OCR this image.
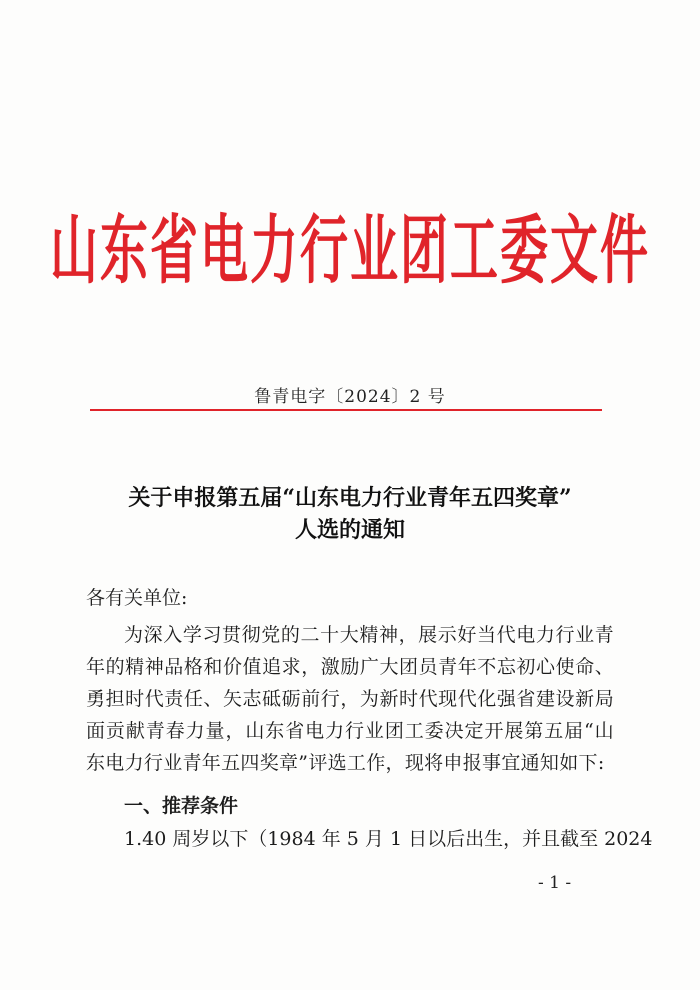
山东省电力行业团工委文件
鲁青电字〔2024〕2 号
关于申报第五届“山东电力行业青年五四奖章”
人选的通知
各有关单位:
为深入学习贯彻党的二十大精神，展示好当代电力行业青年的精神品格和价值追求，激励广大团员青年不忘初心使命、勇担时代责任、矢志砥砺前行，为新时代现代化强省建设新局面贡献青春力量，山东省电力行业团工委决定开展第五届“山东电力行业青年五四奖章”评选工作，现将申报事宜通知如下:
一、推荐条件
1.40 周岁以下（1984 年 5 月 1 日以后出生，并且截至 2024
- 1 -
